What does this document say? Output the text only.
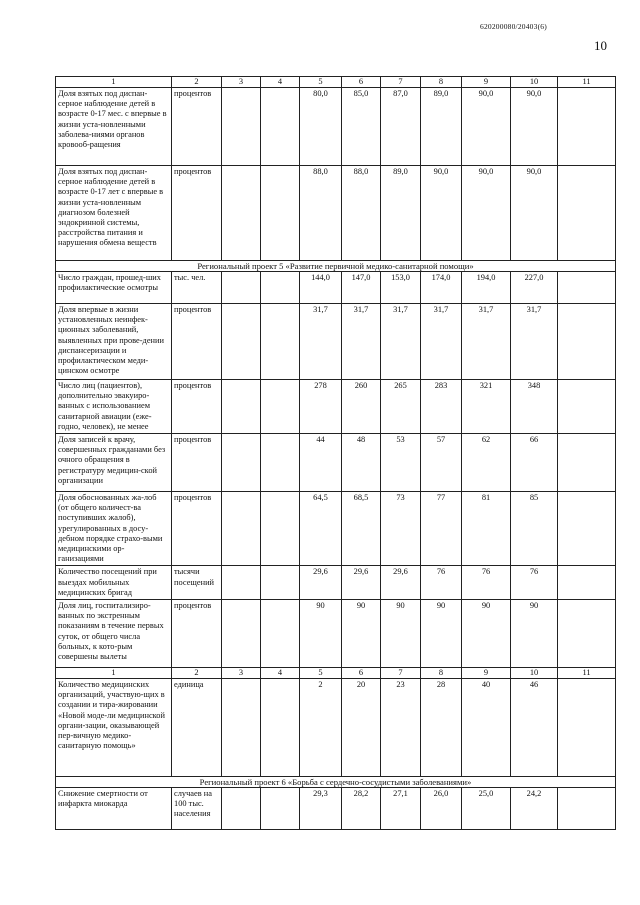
620200080/20403(6)
10
1	2	3	4	5	6	7	8	9	10	11
Доля взятых под диспан-серное наблюдение детей в возрасте 0-17 мес. с впервые в жизни уста-новленными заболева-ниями органов кровооб-ращения	процентов			80,0	85,0	87,0	89,0	90,0	90,0	
Доля взятых под диспан-серное наблюдение детей в возрасте 0-17 лет с впервые в жизни уста-новленным диагнозом болезней эндокринной системы, расстройства питания и нарушения обмена веществ	процентов			88,0	88,0	89,0	90,0	90,0	90,0	
Региональный проект 5 «Развитие первичной медико-санитарной помощи»										
Число граждан, прошед-ших профилактические осмотры	тыс. чел.			144,0	147,0	153,0	174,0	194,0	227,0	
Доля впервые в жизни установленных неинфек-ционных заболеваний, выявленных при прове-дении диспансеризации и профилактическом меди-цинском осмотре	процентов			31,7	31,7	31,7	31,7	31,7	31,7	
Число лиц (пациентов), дополнительно эвакуиро-ванных с использованием санитарной авиации (еже-годно, человек), не менее	процентов			278	260	265	283	321	348	
Доля записей к врачу, совершенных гражданами без очного обращения в регистратуру медицин-ской организации	процентов			44	48	53	57	62	66	
Доля обоснованных жа-лоб (от общего количест-ва поступивших жалоб), урегулированных в досу-дебном порядке страхо-выми медицинскими ор-ганизациями	процентов			64,5	68,5	73	77	81	85	
Количество посещений при выездах мобильных медицинских бригад	тысячи посещений			29,6	29,6	29,6	76	76	76	
Доля лиц, госпитализиро-ванных по экстренным показаниям в течение первых суток, от общего числа больных, к кото-рым совершены вылеты	процентов			90	90	90	90	90	90	
1	2	3	4	5	6	7	8	9	10	11
Количество медицинских организаций, участвую-щих в создании и тира-жировании «Новой моде-ли медицинской органи-зации, оказывающей пер-вичную медико-санитарную помощь»	единица			2	20	23	28	40	46	
Региональный проект 6 «Борьба с сердечно-сосудистыми заболеваниями»										
Снижение смертности от инфаркта миокарда	случаев на 100 тыс. населения			29,3	28,2	27,1	26,0	25,0	24,2	
